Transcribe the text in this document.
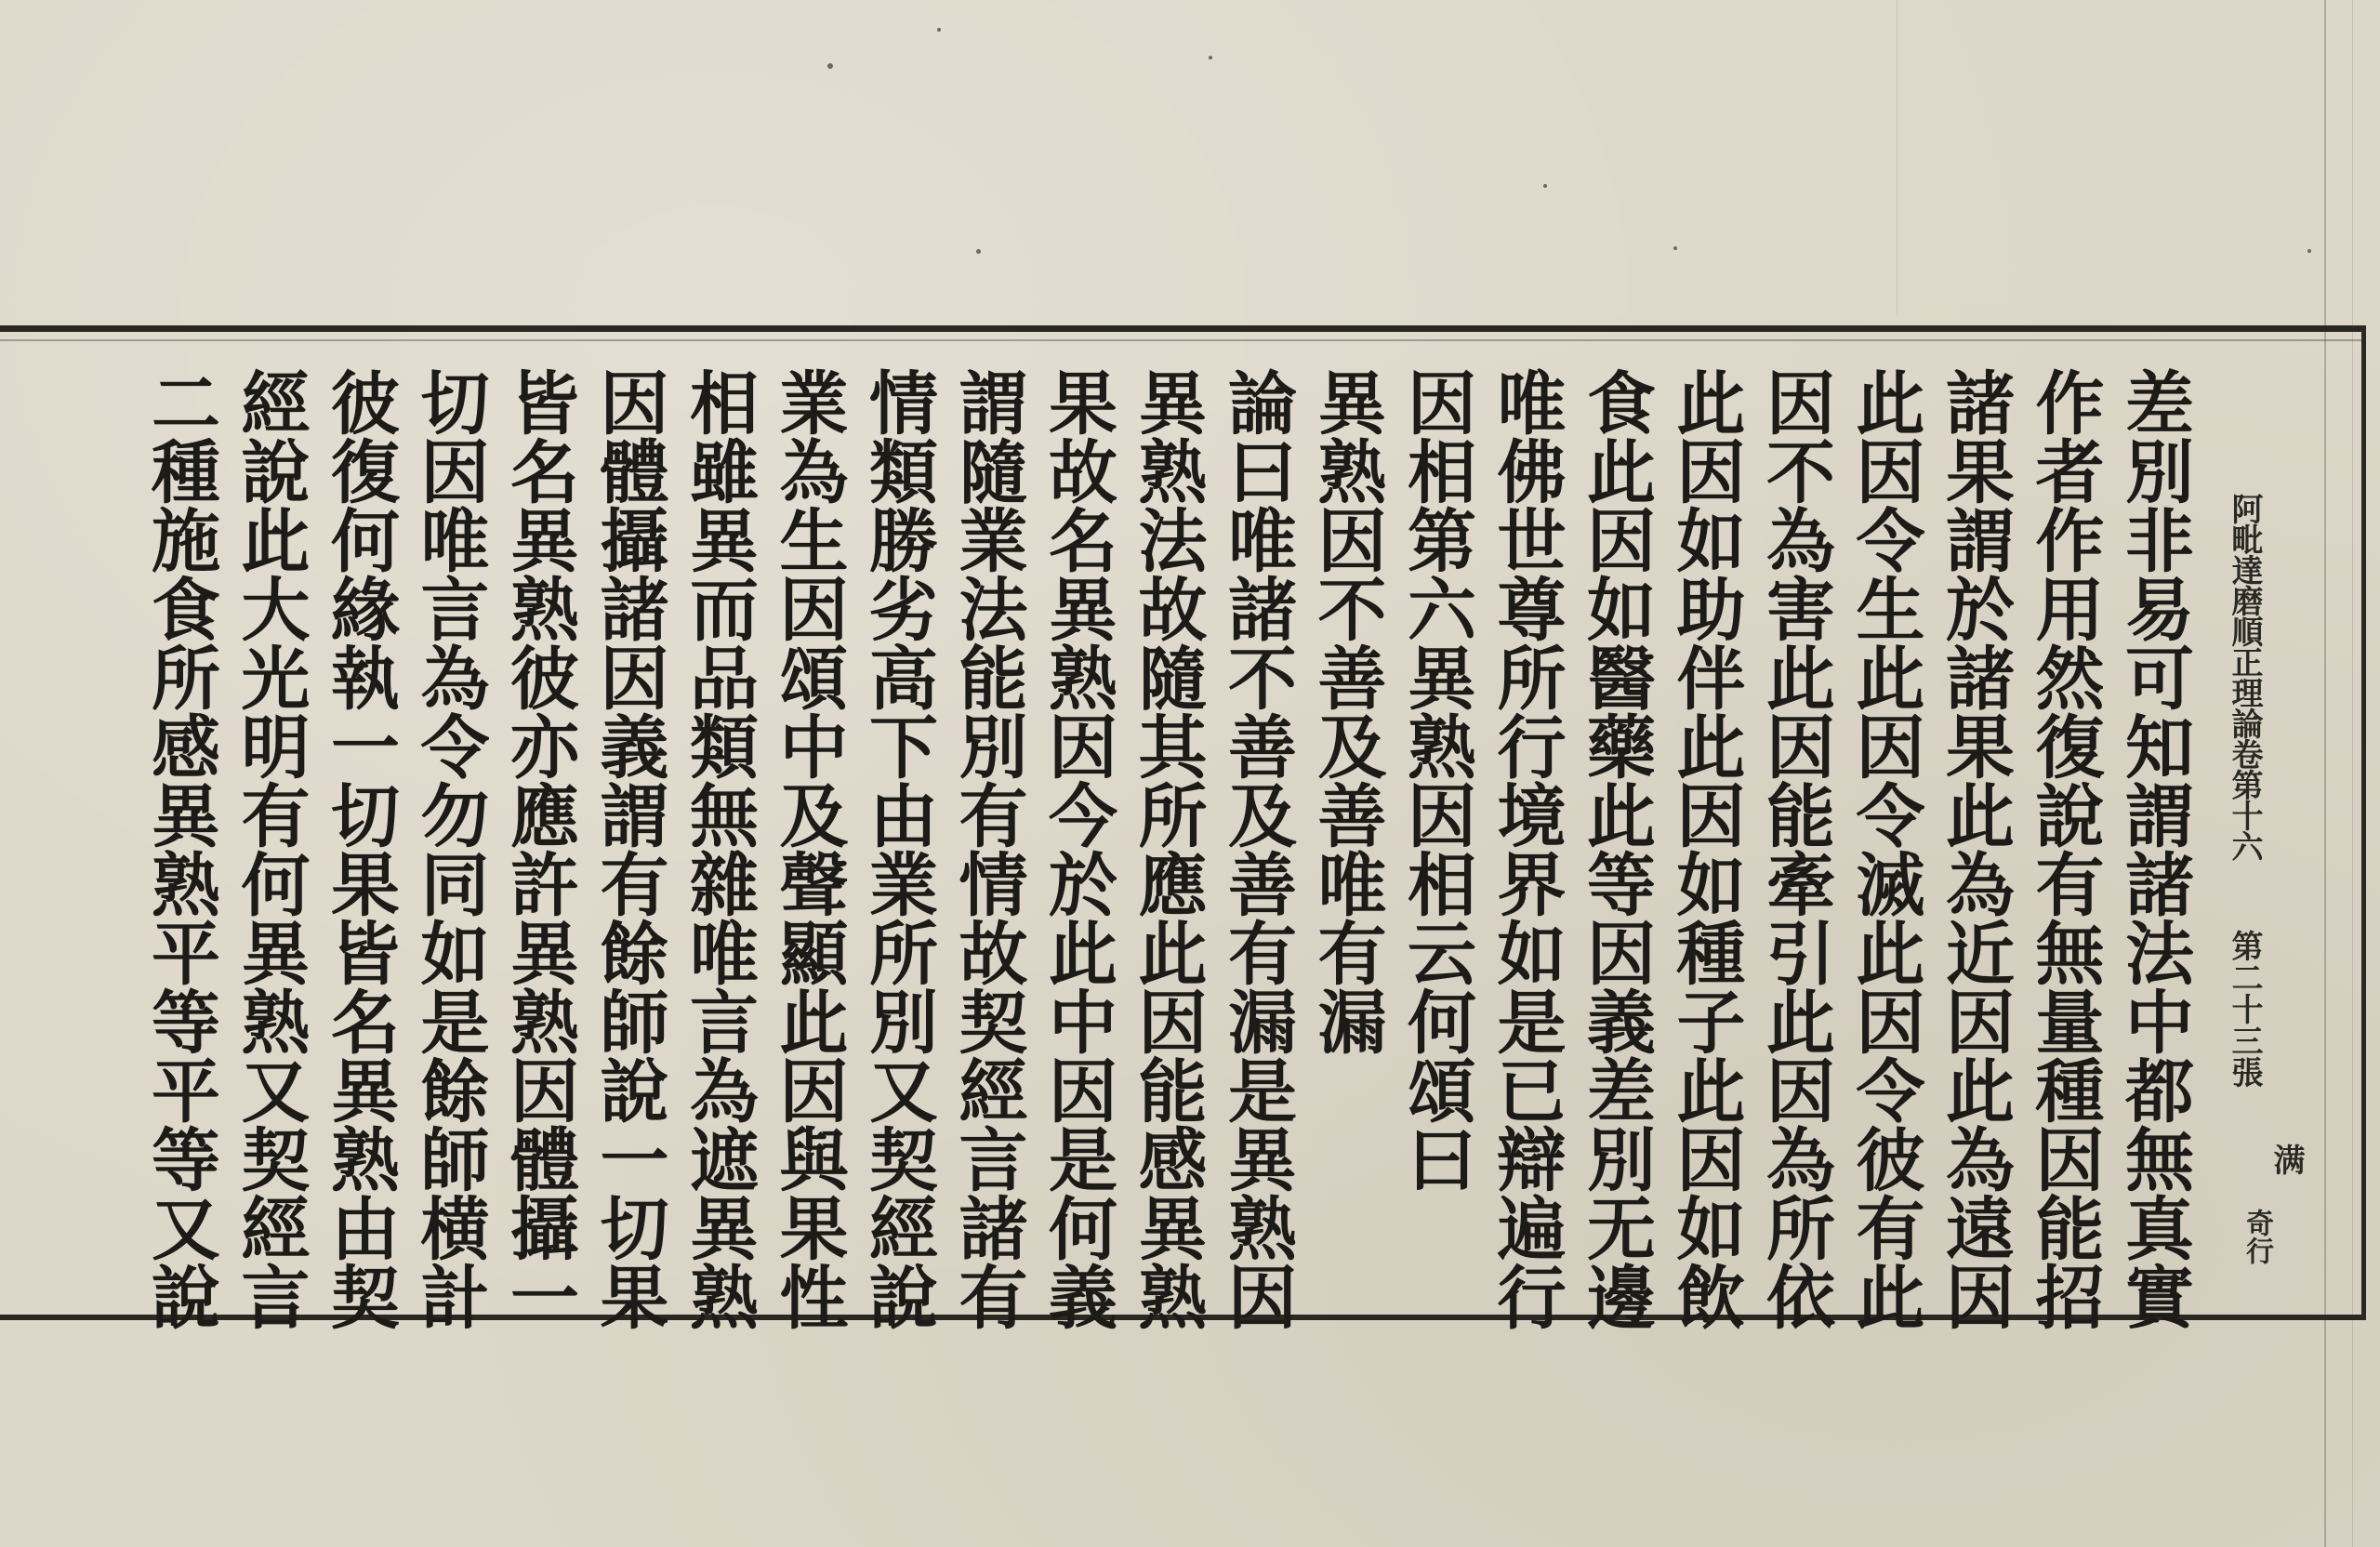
差別非易可知謂諸法中都無真實
作者作用然復說有無量種因能招
諸果謂於諸果此為近因此為遠因
此因令生此因令滅此因令彼有此
因不為害此因能牽引此因為所依
此因如助伴此因如種子此因如飲
食此因如醫藥此等因義差別无邊
唯佛世尊所行境界如是已辯遍行
因相第六異熟因相云何頌曰
異熟因不善及善唯有漏
論曰唯諸不善及善有漏是異熟因
異熟法故隨其所應此因能感異熟
果故名異熟因今於此中因是何義
謂隨業法能別有情故契經言諸有
情類勝劣高下由業所別又契經說
業為生因頌中及聲顯此因與果性
相雖異而品類無雜唯言為遮異熟
因體攝諸因義謂有餘師說一切果
皆名異熟彼亦應許異熟因體攝一
切因唯言為令勿同如是餘師横計
彼復何緣執一切果皆名異熟由契
經說此大光明有何異熟又契經言
二種施食所感異熟平等平等又說	阿毗達磨順正理論卷第十六
第二十三張
满
奇行
